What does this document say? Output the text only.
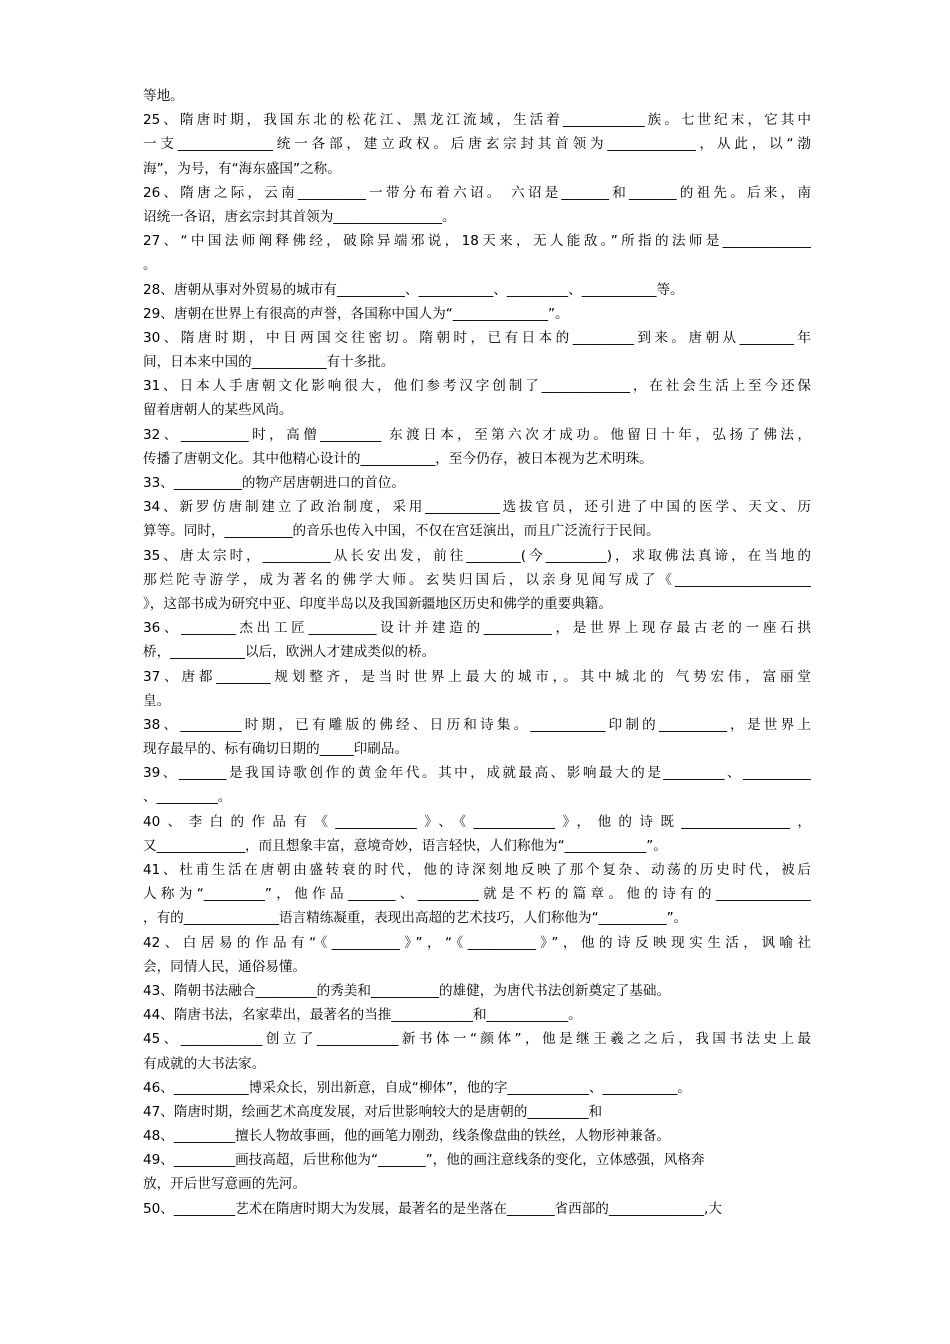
等地。
25、隋唐时期，我国东北的松花江、黑龙江流域，生活着____________族。七世纪末，它其中
一支______________统一各部，建立政权。后唐玄宗封其首领为_____________，从此，以“渤
海”，为号，有“海东盛国”之称。
26、隋唐之际，云南__________一带分布着六诏。 六诏是_______和_______的祖先。后来，南
诏统一各诏，唐玄宗封其首领为________________。
27、“中国法师阐释佛经，破除异端邪说，18天来，无人能敌。”所指的法师是_____________
。
28、唐朝从事对外贸易的城市有__________、___________、_________、___________等。
29、唐朝在世界上有很高的声誉，各国称中国人为“______________”。
30、隋唐时期，中日两国交往密切。隋朝时，已有日本的_________到来。唐朝从________年
间，日本来中国的___________有十多批。
31、日本人手唐朝文化影响很大，他们参考汉字创制了_____________，在社会生活上至今还保
留着唐朝人的某些风尚。
32、__________时，高僧_________ 东渡日本，至第六次才成功。他留日十年，弘扬了佛法，
传播了唐朝文化。其中他精心设计的___________，至今仍存，被日本视为艺术明珠。
33、__________的物产居唐朝进口的首位。
34、新罗仿唐制建立了政治制度，采用___________选拔官员，还引进了中国的医学、天文、历
算等。同时，__________的音乐也传入中国，不仅在宫廷演出，而且广泛流行于民间。
35、唐太宗时，__________从长安出发，前往________(今_________)，求取佛法真谛，在当地的
那烂陀寺游学，成为著名的佛学大师。玄奘归国后，以亲身见闻写成了《____________________
》，这部书成为研究中亚、印度半岛以及我国新疆地区历史和佛学的重要典籍。
36、________杰出工匠__________设计并建造的__________，是世界上现存最古老的一座石拱
桥，___________以后，欧洲人才建成类似的桥。
37、唐都________规划整齐，是当时世界上最大的城市，。其中城北的 气势宏伟，富丽堂
皇。
38、_________时期，已有雕版的佛经、日历和诗集。___________印制的__________，是世界上
现存最早的、标有确切日期的_____印刷品。
39、_______是我国诗歌创作的黄金年代。其中，成就最高、影响最大的是_________、__________
、_________。
40、李白的作品有《____________》、《____________》，他的诗既________________，
又_____________，而且想象丰富，意境奇妙，语言轻快，人们称他为“____________”。
41、杜甫生活在唐朝由盛转衰的时代，他的诗深刻地反映了那个复杂、动荡的历史时代，被后
人称为“_________”，他作品_______、_________就是不朽的篇章。他的诗有的______________
，有的______________语言精练凝重，表现出高超的艺术技巧，人们称他为“__________”。
42、白居易的作品有“《__________》”，“《__________》”，他的诗反映现实生活，讽喻社
会，同情人民，通俗易懂。
43、隋朝书法融合_________的秀美和__________的雄健，为唐代书法创新奠定了基础。
44、隋唐书法，名家辈出，最著名的当推____________和____________。
45、____________创立了____________新书体一“颜体”，他是继王羲之之后，我国书法史上最
有成就的大书法家。
46、___________博采众长，别出新意，自成“柳体”，他的字____________、___________。
47、隋唐时期，绘画艺术高度发展，对后世影响较大的是唐朝的_________和
48、_________擅长人物故事画，他的画笔力刚劲，线条像盘曲的铁丝，人物形神兼备。
49、_________画技高超，后世称他为“_______”，他的画注意线条的变化，立体感强，风格奔
放，开后世写意画的先河。
50、_________艺术在隋唐时期大为发展，最著名的是坐落在_______省西部的______________,大
